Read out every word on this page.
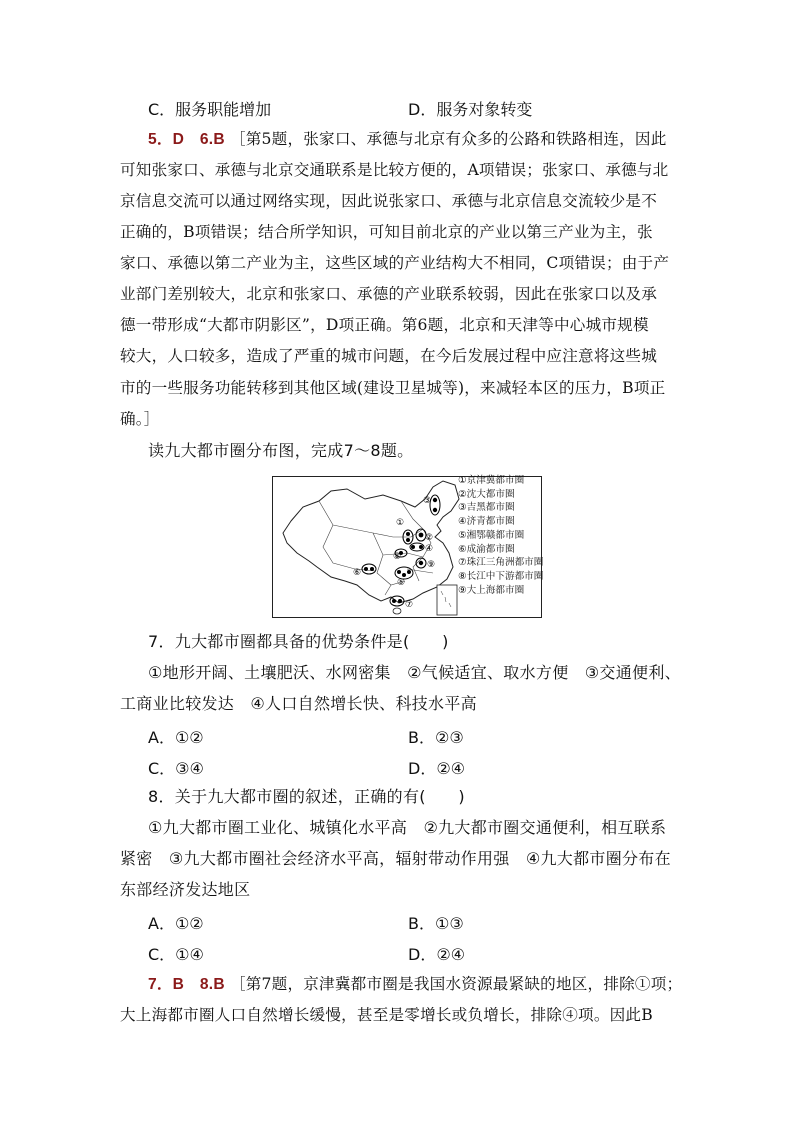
C．服务职能增加	D．服务对象转变
5．D　6.B ［第5题，张家口、承德与北京有众多的公路和铁路相连，因此
可知张家口、承德与北京交通联系是比较方便的，A项错误；张家口、承德与北
京信息交流可以通过网络实现，因此说张家口、承德与北京信息交流较少是不
正确的，B项错误；结合所学知识，可知目前北京的产业以第三产业为主，张
家口、承德以第二产业为主，这些区域的产业结构大不相同，C项错误；由于产
业部门差别较大，北京和张家口、承德的产业联系较弱，因此在张家口以及承
德一带形成“大都市阴影区”，D项正确。第6题，北京和天津等中心城市规模
较大，人口较多，造成了严重的城市问题，在今后发展过程中应注意将这些城
市的一些服务功能转移到其他区域(建设卫星城等)，来减轻本区的压力，B项正
确。］
读九大都市圈分布图，完成7～8题。
①
②
③
④
⑤
⑥
⑦
⑧
⑨
①京津冀都市圈
②沈大都市圈
③吉黑都市圈
④济青都市圈
⑤湘鄂赣都市圈
⑥成渝都市圈
⑦珠江三角洲都市圈
⑧长江中下游都市圈
⑨大上海都市圈
7．九大都市圈都具备的优势条件是(　　)
①地形开阔、土壤肥沃、水网密集　②气候适宜、取水方便　③交通便利、
工商业比较发达　④人口自然增长快、科技水平高
A．①②	B．②③
C．③④	D．②④
8．关于九大都市圈的叙述，正确的有(　　)
①九大都市圈工业化、城镇化水平高　②九大都市圈交通便利，相互联系
紧密　③九大都市圈社会经济水平高，辐射带动作用强　④九大都市圈分布在
东部经济发达地区
A．①②	B．①③
C．①④	D．②④
7．B　8.B ［第7题，京津冀都市圈是我国水资源最紧缺的地区，排除①项；
大上海都市圈人口自然增长缓慢，甚至是零增长或负增长，排除④项。因此B
